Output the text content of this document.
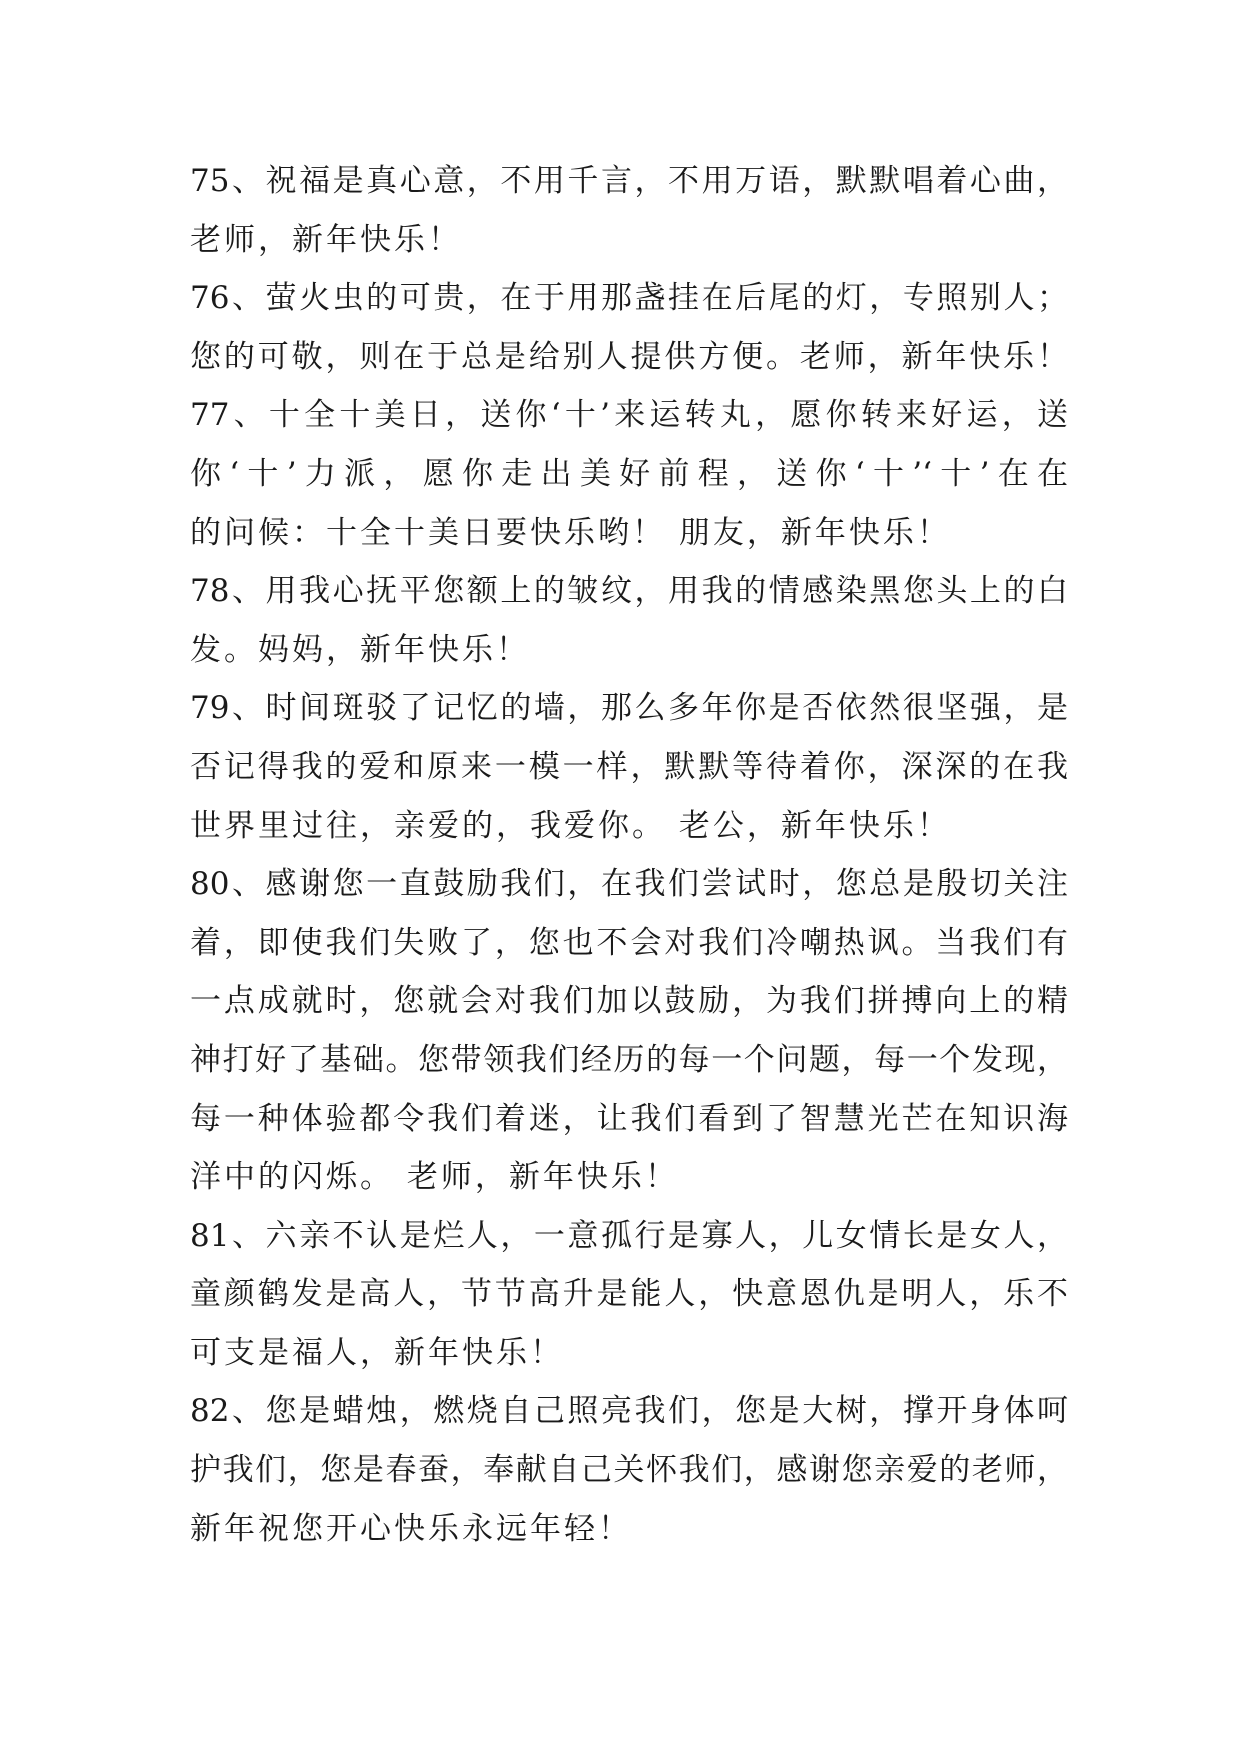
75、祝福是真心意，不用千言，不用万语，默默唱着心曲，
老师，新年快乐！
76、萤火虫的可贵，在于用那盏挂在后尾的灯，专照别人；
您的可敬，则在于总是给别人提供方便。老师，新年快乐！
77、十全十美日，送你‘十’来运转丸，愿你转来好运，送
你‘十’力派，愿你走出美好前程，送你‘十’‘十’在在
的问候：十全十美日要快乐哟！ 朋友，新年快乐！
78、用我心抚平您额上的皱纹，用我的情感染黑您头上的白
发。妈妈，新年快乐！
79、时间斑驳了记忆的墙，那么多年你是否依然很坚强，是
否记得我的爱和原来一模一样，默默等待着你，深深的在我
世界里过往，亲爱的，我爱你。 老公，新年快乐！
80、感谢您一直鼓励我们，在我们尝试时，您总是殷切关注
着，即使我们失败了，您也不会对我们冷嘲热讽。当我们有
一点成就时，您就会对我们加以鼓励，为我们拼搏向上的精
神打好了基础。您带领我们经历的每一个问题，每一个发现，
每一种体验都令我们着迷，让我们看到了智慧光芒在知识海
洋中的闪烁。 老师，新年快乐！
81、六亲不认是烂人，一意孤行是寡人，儿女情长是女人，
童颜鹤发是高人，节节高升是能人，快意恩仇是明人，乐不
可支是福人，新年快乐！
82、您是蜡烛，燃烧自己照亮我们，您是大树，撑开身体呵
护我们，您是春蚕，奉献自己关怀我们，感谢您亲爱的老师，
新年祝您开心快乐永远年轻！
